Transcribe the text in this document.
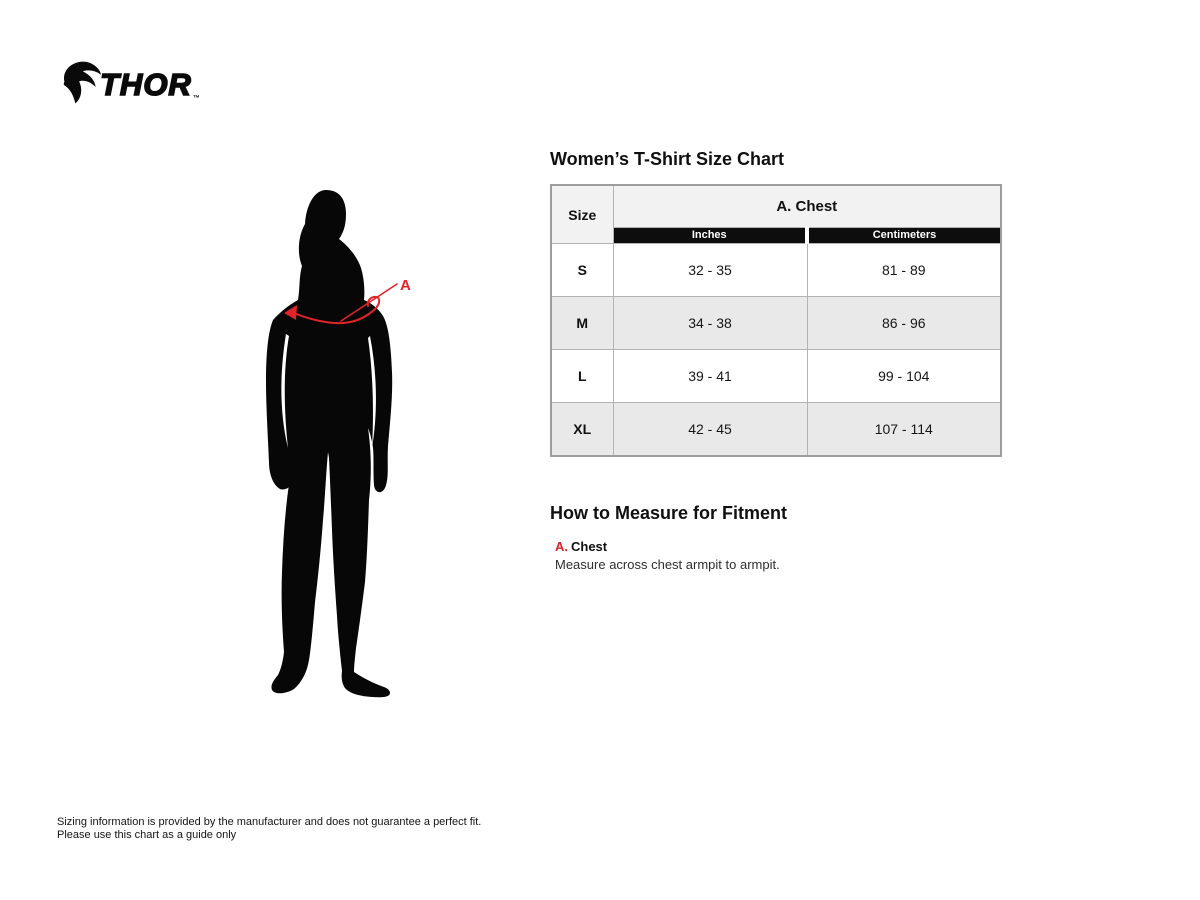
THOR ™
A
Women’s T-Shirt Size Chart
Size	A. Chest	
	Inches	Centimeters
S	32 - 35	81 - 89
M	34 - 38	86 - 96
L	39 - 41	99 - 104
XL	42 - 45	107 - 114
How to Measure for Fitment
A. Chest
Measure across chest armpit to armpit.
Sizing information is provided by the manufacturer and does not guarantee a perfect fit.
Please use this chart as a guide only
